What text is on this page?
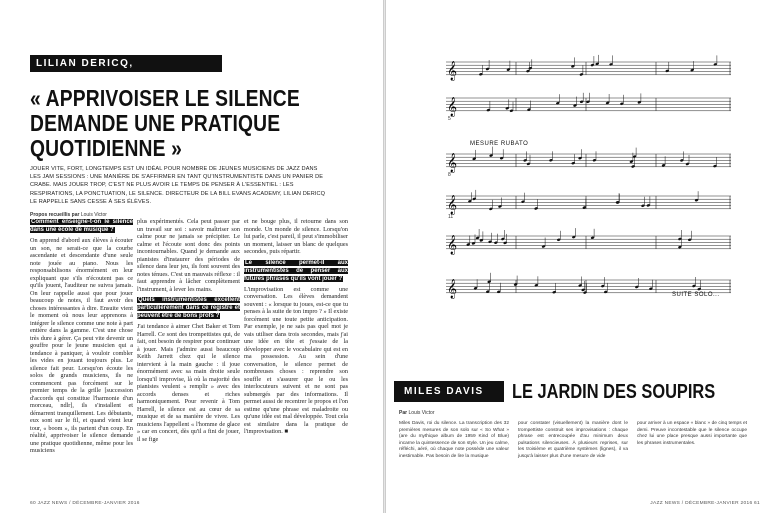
LILIAN DERICQ, MUSICOLOGUE
« APPRIVOISER LE SILENCE
DEMANDE UNE PRATIQUE
QUOTIDIENNE »
JOUER VITE, FORT, LONGTEMPS EST UN IDÉAL POUR NOMBRE DE JEUNES MUSICIENS DE JAZZ DANS LES JAM SESSIONS : UNE MANIÈRE DE S'AFFIRMER EN TANT QU'INSTRUMENTISTE DANS UN PANIER DE CRABE. MAIS JOUER TROP, C'EST NE PLUS AVOIR LE TEMPS DE PENSER À L'ESSENTIEL : LES RESPIRATIONS, LA PONCTUATION, LE SILENCE. DIRECTEUR DE LA BILL EVANS ACADEMY, LILIAN DERICQ LE RAPPELLE SANS CESSE À SES ÉLÈVES.
Propos recueillis par Louis Victor

Comment enseigne-t-on le silence dans une école de musique ?

On apprend d'abord aux élèves à écouter un son, ne serait-ce que la courbe ascendante et descendante d'une seule note jouée au piano. Nous les responsabilisons énormément en leur expliquant que s'ils n'écoutent pas ce qu'ils jouent, l'auditeur ne suivra jamais. On leur rappelle aussi que pour jouer beaucoup de notes, il faut avoir des choses intéressantes à dire. Ensuite vient le moment où nous leur apprenons à intégrer le silence comme une note à part entière dans la gamme. C'est une chose très dure à gérer. Ça peut vite devenir un gouffre pour le jeune musicien qui a tendance à paniquer, à vouloir combler les vides en jouant toujours plus. Le silence fait peur. Lorsqu'on écoute les solos de grands musiciens, ils ne commencent pas forcément sur le premier temps de la grille [succession d'accords qui constitue l'harmonie d'un morceau, ndlr], ils s'installent et démarrent tranquillement. Les débutants, eux sont sur le fil, et quand vient leur tour, « boom », ils partent d'un coup. En réalité, apprivoiser le silence demande une pratique quotidienne, même pour les musiciens

plus expérimentés. Cela peut passer par un travail sur soi : savoir maîtriser son calme pour ne jamais se précipiter. Le calme et l'écoute sont donc des points incontournables. Quand je demande aux pianistes d'instaurer des périodes de silence dans leur jeu, ils font souvent des notes ténues. C'est un mauvais réflexe : il faut apprendre à lâcher complètement l'instrument, à lever les mains.

Quels instrumentistes excellent particulièrement dans ce registre et peuvent être de bons profs ?

J'ai tendance à aimer Chet Baker et Tom Harrell. Ce sont des trompettistes qui, de fait, ont besoin de respirer pour continuer à jouer. Mais j'admire aussi beaucoup Keith Jarrett chez qui le silence intervient à la main gauche : il joue énormément avec sa main droite seule lorsqu'il improvise, là où la majorité des pianistes veulent « remplir » avec des accords denses et riches harmoniquement. Pour revenir à Tom Harrell, le silence est au cœur de sa musique et de sa manière de vivre. Les musiciens l'appellent « l'homme de glace » car en concert, dès qu'il a fini de jouer, il se fige

et ne bouge plus, il retourne dans son monde. Un monde de silence. Lorsqu'on lui parle, c'est pareil, il peut s'immobiliser un moment, laisser un blanc de quelques secondes, puis répartir.

Le silence permet-il aux instrumentistes de penser aux futures phrases qu'ils vont jouer ?

L'improvisation est comme une conversation. Les élèves demandent souvent : « lorsque tu joues, est-ce que tu penses à la suite de ton impro ? » Il existe forcément une toute petite anticipation. Par exemple, je ne sais pas quel mot je vais utiliser dans trois secondes, mais j'ai une idée en tête et j'essaie de la développer avec le vocabulaire qui est en ma possession. Au sein d'une conversation, le silence permet de nombreuses choses : reprendre son souffle et s'assurer que le ou les interlocuteurs suivent et ne sont pas submergés par des informations. Il permet aussi de recentrer le propos et l'on estime qu'une phrase est maladroite ou qu'une idée est mal développée. Tout cela est similaire dans la pratique de l'improvisation. ■

60 JAZZ NEWS / DÉCEMBRE-JANVIER 2016
𝄞
𝄞
𝄞
𝄞
𝄞
𝄞
MESURE RUBATO
SUITE SOLO...
5
8
11
MILES DAVIS	LE JARDIN DES SOUPIRS
Par Louis Victor
Miles Davis, roi du silence. La transcription des 32 premières mesures de son solo sur « So What » (are du mythique album de 1959 Kind of Blue) incarne la quintessence de son style. Un jeu calme, réfléchi, aéré, où chaque note possède une valeur inestimable. Pas besoin de lire la musique
pour constater (visuellement) la manière dont le trompettiste construit ses improvisations : chaque phrase est entrecoupée d'au minimum deux pulsations silencieuses. À plusieurs reprises, sur les troisième et quatrième systèmes (lignes), il va jusqu'à laisser plus d'une mesure de vide
pour arriver à un espace « blanc » de cinq temps et demi. Preuve incontestable que le silence occupe chez lui une place presque aussi importante que les phrases instrumentales.
JAZZ NEWS / DÉCEMBRE-JANVIER 2016 61
